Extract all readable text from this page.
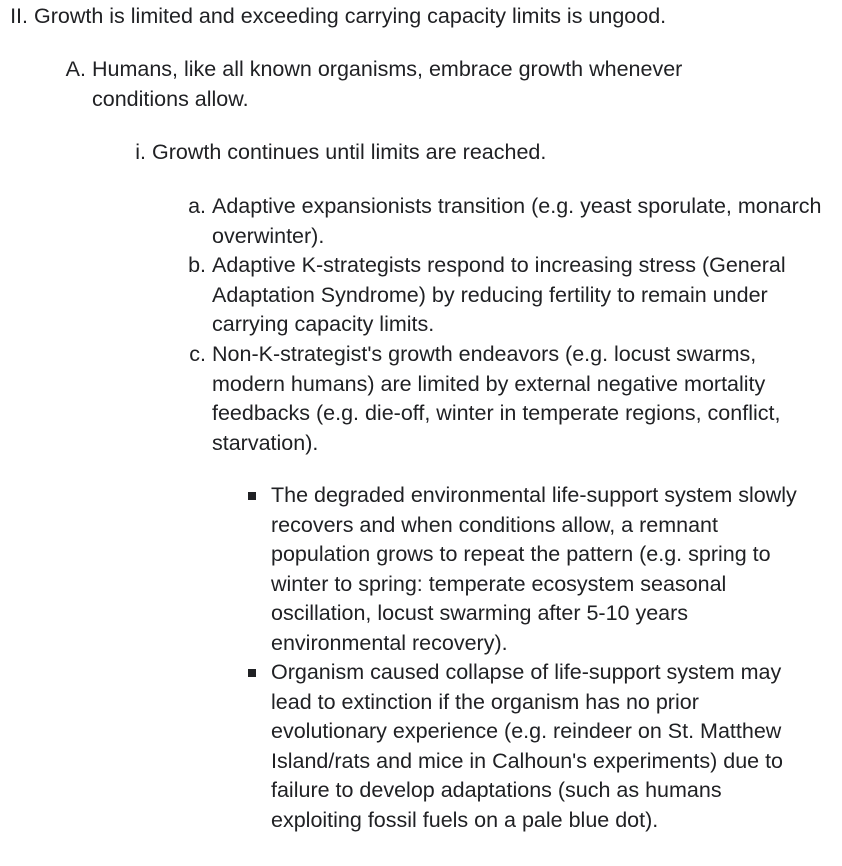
II. Growth is limited and exceeding carrying capacity limits is ungood.
A. Humans, like all known organisms, embrace growth whenever conditions allow.
i. Growth continues until limits are reached.
a. Adaptive expansionists transition (e.g. yeast sporulate, monarch overwinter).
b. Adaptive K-strategists respond to increasing stress (General Adaptation Syndrome) by reducing fertility to remain under carrying capacity limits.
c. Non-K-strategist's growth endeavors (e.g. locust swarms, modern humans) are limited by external negative mortality feedbacks (e.g. die-off, winter in temperate regions, conflict, starvation).
The degraded environmental life-support system slowly recovers and when conditions allow, a remnant population grows to repeat the pattern (e.g. spring to winter to spring: temperate ecosystem seasonal oscillation, locust swarming after 5-10 years environmental recovery).
Organism caused collapse of life-support system may lead to extinction if the organism has no prior evolutionary experience (e.g. reindeer on St. Matthew Island/rats and mice in Calhoun's experiments) due to failure to develop adaptations (such as humans exploiting fossil fuels on a pale blue dot).
